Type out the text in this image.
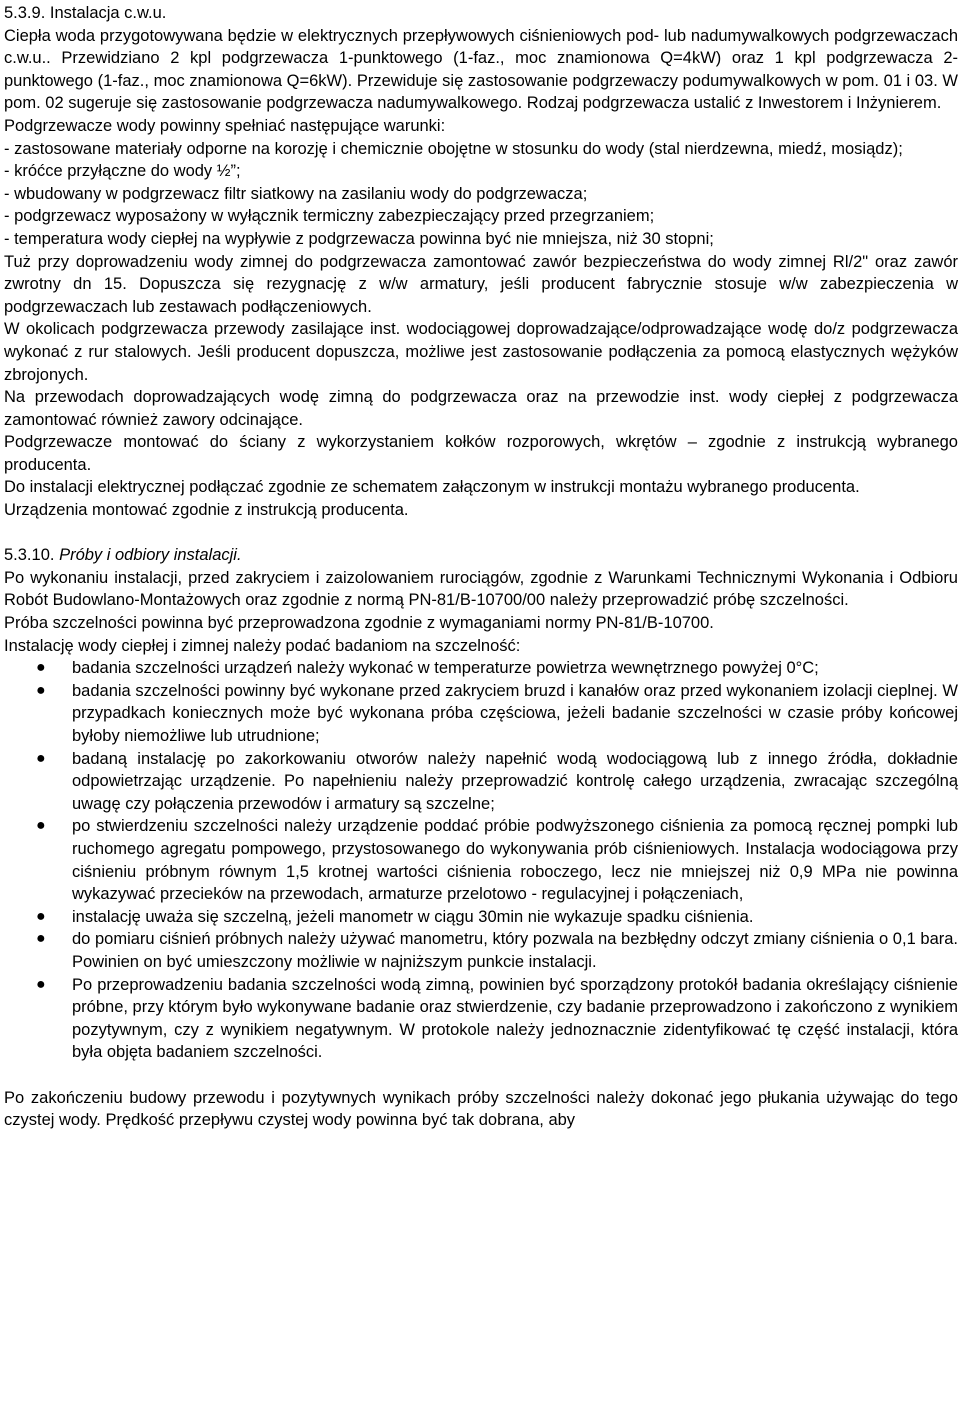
5.3.9. Instalacja c.w.u.

Ciepła woda przygotowywana będzie w elektrycznych przepływowych ciśnieniowych pod- lub nadumywalkowych podgrzewaczach c.w.u.. Przewidziano 2 kpl podgrzewacza 1-punktowego (1-faz., moc znamionowa Q=4kW) oraz 1 kpl podgrzewacza 2-punktowego (1-faz., moc znamionowa Q=6kW). Przewiduje się zastosowanie podgrzewaczy podumywalkowych w pom. 01 i 03. W pom. 02 sugeruje się zastosowanie podgrzewacza nadumywalkowego. Rodzaj podgrzewacza ustalić z Inwestorem i Inżynierem.

Podgrzewacze wody powinny spełniać następujące warunki:

- zastosowane materiały odporne na korozję i chemicznie obojętne w stosunku do wody (stal nierdzewna, miedź, mosiądz);

- króćce przyłączne do wody ½”;

- wbudowany w podgrzewacz filtr siatkowy na zasilaniu wody do podgrzewacza;

- podgrzewacz wyposażony w wyłącznik termiczny zabezpieczający przed przegrzaniem;

- temperatura wody ciepłej na wypływie z podgrzewacza powinna być nie mniejsza, niż 30 stopni;

Tuż przy doprowadzeniu wody zimnej do podgrzewacza zamontować zawór bezpieczeństwa do wody zimnej Rl/2" oraz zawór zwrotny dn 15. Dopuszcza się rezygnację z w/w armatury, jeśli producent fabrycznie stosuje w/w zabezpieczenia w podgrzewaczach lub zestawach podłączeniowych.

W okolicach podgrzewacza przewody zasilające inst. wodociągowej doprowadzające/odprowadzające wodę do/z podgrzewacza wykonać z rur stalowych. Jeśli producent dopuszcza, możliwe jest zastosowanie podłączenia za pomocą elastycznych wężyków zbrojonych.

Na przewodach doprowadzających wodę zimną do podgrzewacza oraz na przewodzie inst. wody ciepłej z podgrzewacza zamontować również zawory odcinające.

Podgrzewacze montować do ściany z wykorzystaniem kołków rozporowych, wkrętów – zgodnie z instrukcją wybranego producenta.

Do instalacji elektrycznej podłączać zgodnie ze schematem załączonym w instrukcji montażu wybranego producenta.

Urządzenia montować zgodnie z instrukcją producenta.

5.3.10. Próby i odbiory instalacji.

Po wykonaniu instalacji, przed zakryciem i zaizolowaniem rurociągów, zgodnie z Warunkami Technicznymi Wykonania i Odbioru Robót Budowlano-Montażowych oraz zgodnie z normą PN-81/B-10700/00 należy przeprowadzić próbę szczelności.

Próba szczelności powinna być przeprowadzona zgodnie z wymaganiami normy PN-81/B-10700.

Instalację wody ciepłej i zimnej należy podać badaniom na szczelność:

● badania szczelności urządzeń należy wykonać w temperaturze powietrza wewnętrznego powyżej 0°C;
● badania szczelności powinny być wykonane przed zakryciem bruzd i kanałów oraz przed wykonaniem izolacji cieplnej. W przypadkach koniecznych może być wykonana próba częściowa, jeżeli badanie szczelności w czasie próby końcowej byłoby niemożliwe lub utrudnione;
● badaną instalację po zakorkowaniu otworów należy napełnić wodą wodociągową lub z innego źródła, dokładnie odpowietrzając urządzenie. Po napełnieniu należy przeprowadzić kontrolę całego urządzenia, zwracając szczególną uwagę czy połączenia przewodów i armatury są szczelne;
● po stwierdzeniu szczelności należy urządzenie poddać próbie podwyższonego ciśnienia za pomocą ręcznej pompki lub ruchomego agregatu pompowego, przystosowanego do wykonywania prób ciśnieniowych. Instalacja wodociągowa przy ciśnieniu próbnym równym 1,5 krotnej wartości ciśnienia roboczego, lecz nie mniejszej niż 0,9 MPa nie powinna wykazywać przecieków na przewodach, armaturze przelotowo - regulacyjnej i połączeniach,
● instalację uważa się szczelną, jeżeli manometr w ciągu 30min nie wykazuje spadku ciśnienia.
● do pomiaru ciśnień próbnych należy używać manometru, który pozwala na bezbłędny odczyt zmiany ciśnienia o 0,1 bara. Powinien on być umieszczony możliwie w najniższym punkcie instalacji.
● Po przeprowadzeniu badania szczelności wodą zimną, powinien być sporządzony protokół badania określający ciśnienie próbne, przy którym było wykonywane badanie oraz stwierdzenie, czy badanie przeprowadzono i zakończono z wynikiem pozytywnym, czy z wynikiem negatywnym. W protokole należy jednoznacznie zidentyfikować tę część instalacji, która była objęta badaniem szczelności.

Po zakończeniu budowy przewodu i pozytywnych wynikach próby szczelności należy dokonać jego płukania używając do tego czystej wody. Prędkość przepływu czystej wody powinna być tak dobrana, aby
